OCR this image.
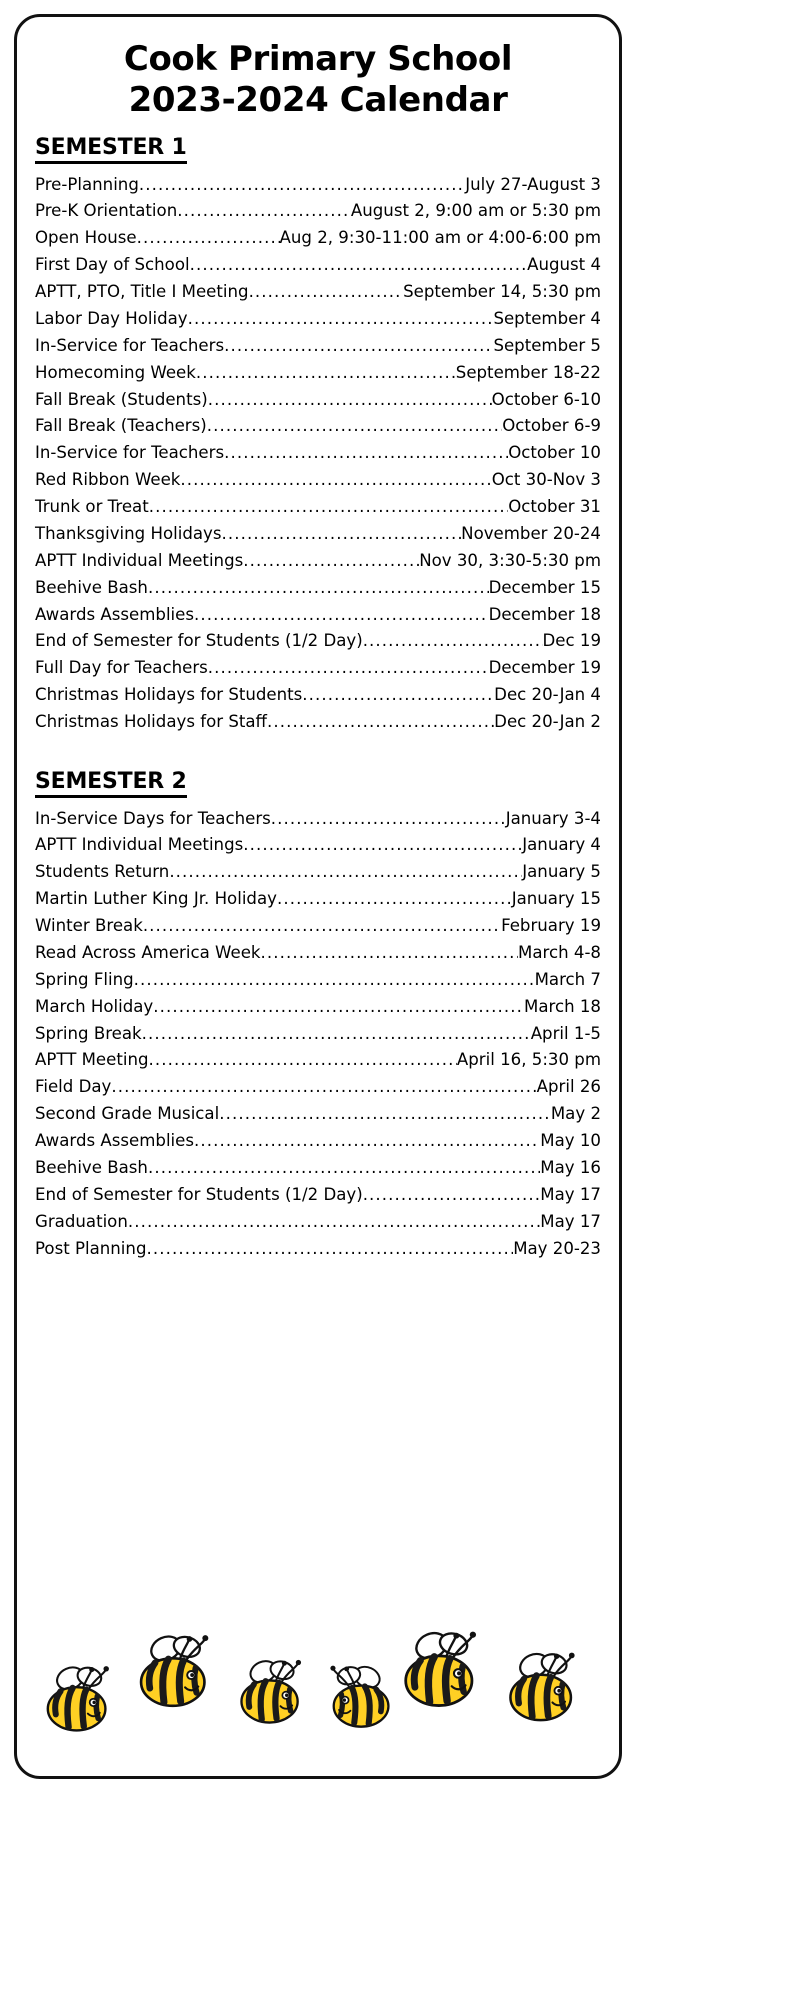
Cook Primary School
2023-2024 Calendar
SEMESTER 1
Pre-Planning .....	July 27-August 3
Pre-K Orientation .....	August 2, 9:00 am or 5:30 pm
Open House .....	Aug 2, 9:30-11:00 am or 4:00-6:00 pm
First Day of School .....	August 4
APTT, PTO, Title I Meeting .....	September 14, 5:30 pm
Labor Day Holiday .....	September 4
In-Service for Teachers .....	September 5
Homecoming Week .....	September 18-22
Fall Break (Students) .....	October 6-10
Fall Break (Teachers) .....	October 6-9
In-Service for Teachers .....	October 10
Red Ribbon Week .....	Oct 30-Nov 3
Trunk or Treat .....	October 31
Thanksgiving Holidays .....	November 20-24
APTT Individual Meetings .....	Nov 30, 3:30-5:30 pm
Beehive Bash .....	December 15
Awards Assemblies .....	December 18
End of Semester for Students (1/2 Day) .....	Dec 19
Full Day for Teachers .....	December 19
Christmas Holidays for Students .....	Dec 20-Jan 4
Christmas Holidays for Staff .....	Dec 20-Jan 2
SEMESTER 2
In-Service Days for Teachers .....	January 3-4
APTT Individual Meetings .....	January 4
Students Return .....	January 5
Martin Luther King Jr. Holiday .....	January 15
Winter Break .....	February 19
Read Across America Week .....	March 4-8
Spring Fling .....	March 7
March Holiday .....	March 18
Spring Break .....	April 1-5
APTT Meeting .....	April 16, 5:30 pm
Field Day .....	April 26
Second Grade Musical .....	May 2
Awards Assemblies .....	May 10
Beehive Bash .....	May 16
End of Semester for Students (1/2 Day) .....	May 17
Graduation .....	May 17
Post Planning .....	May 20-23
